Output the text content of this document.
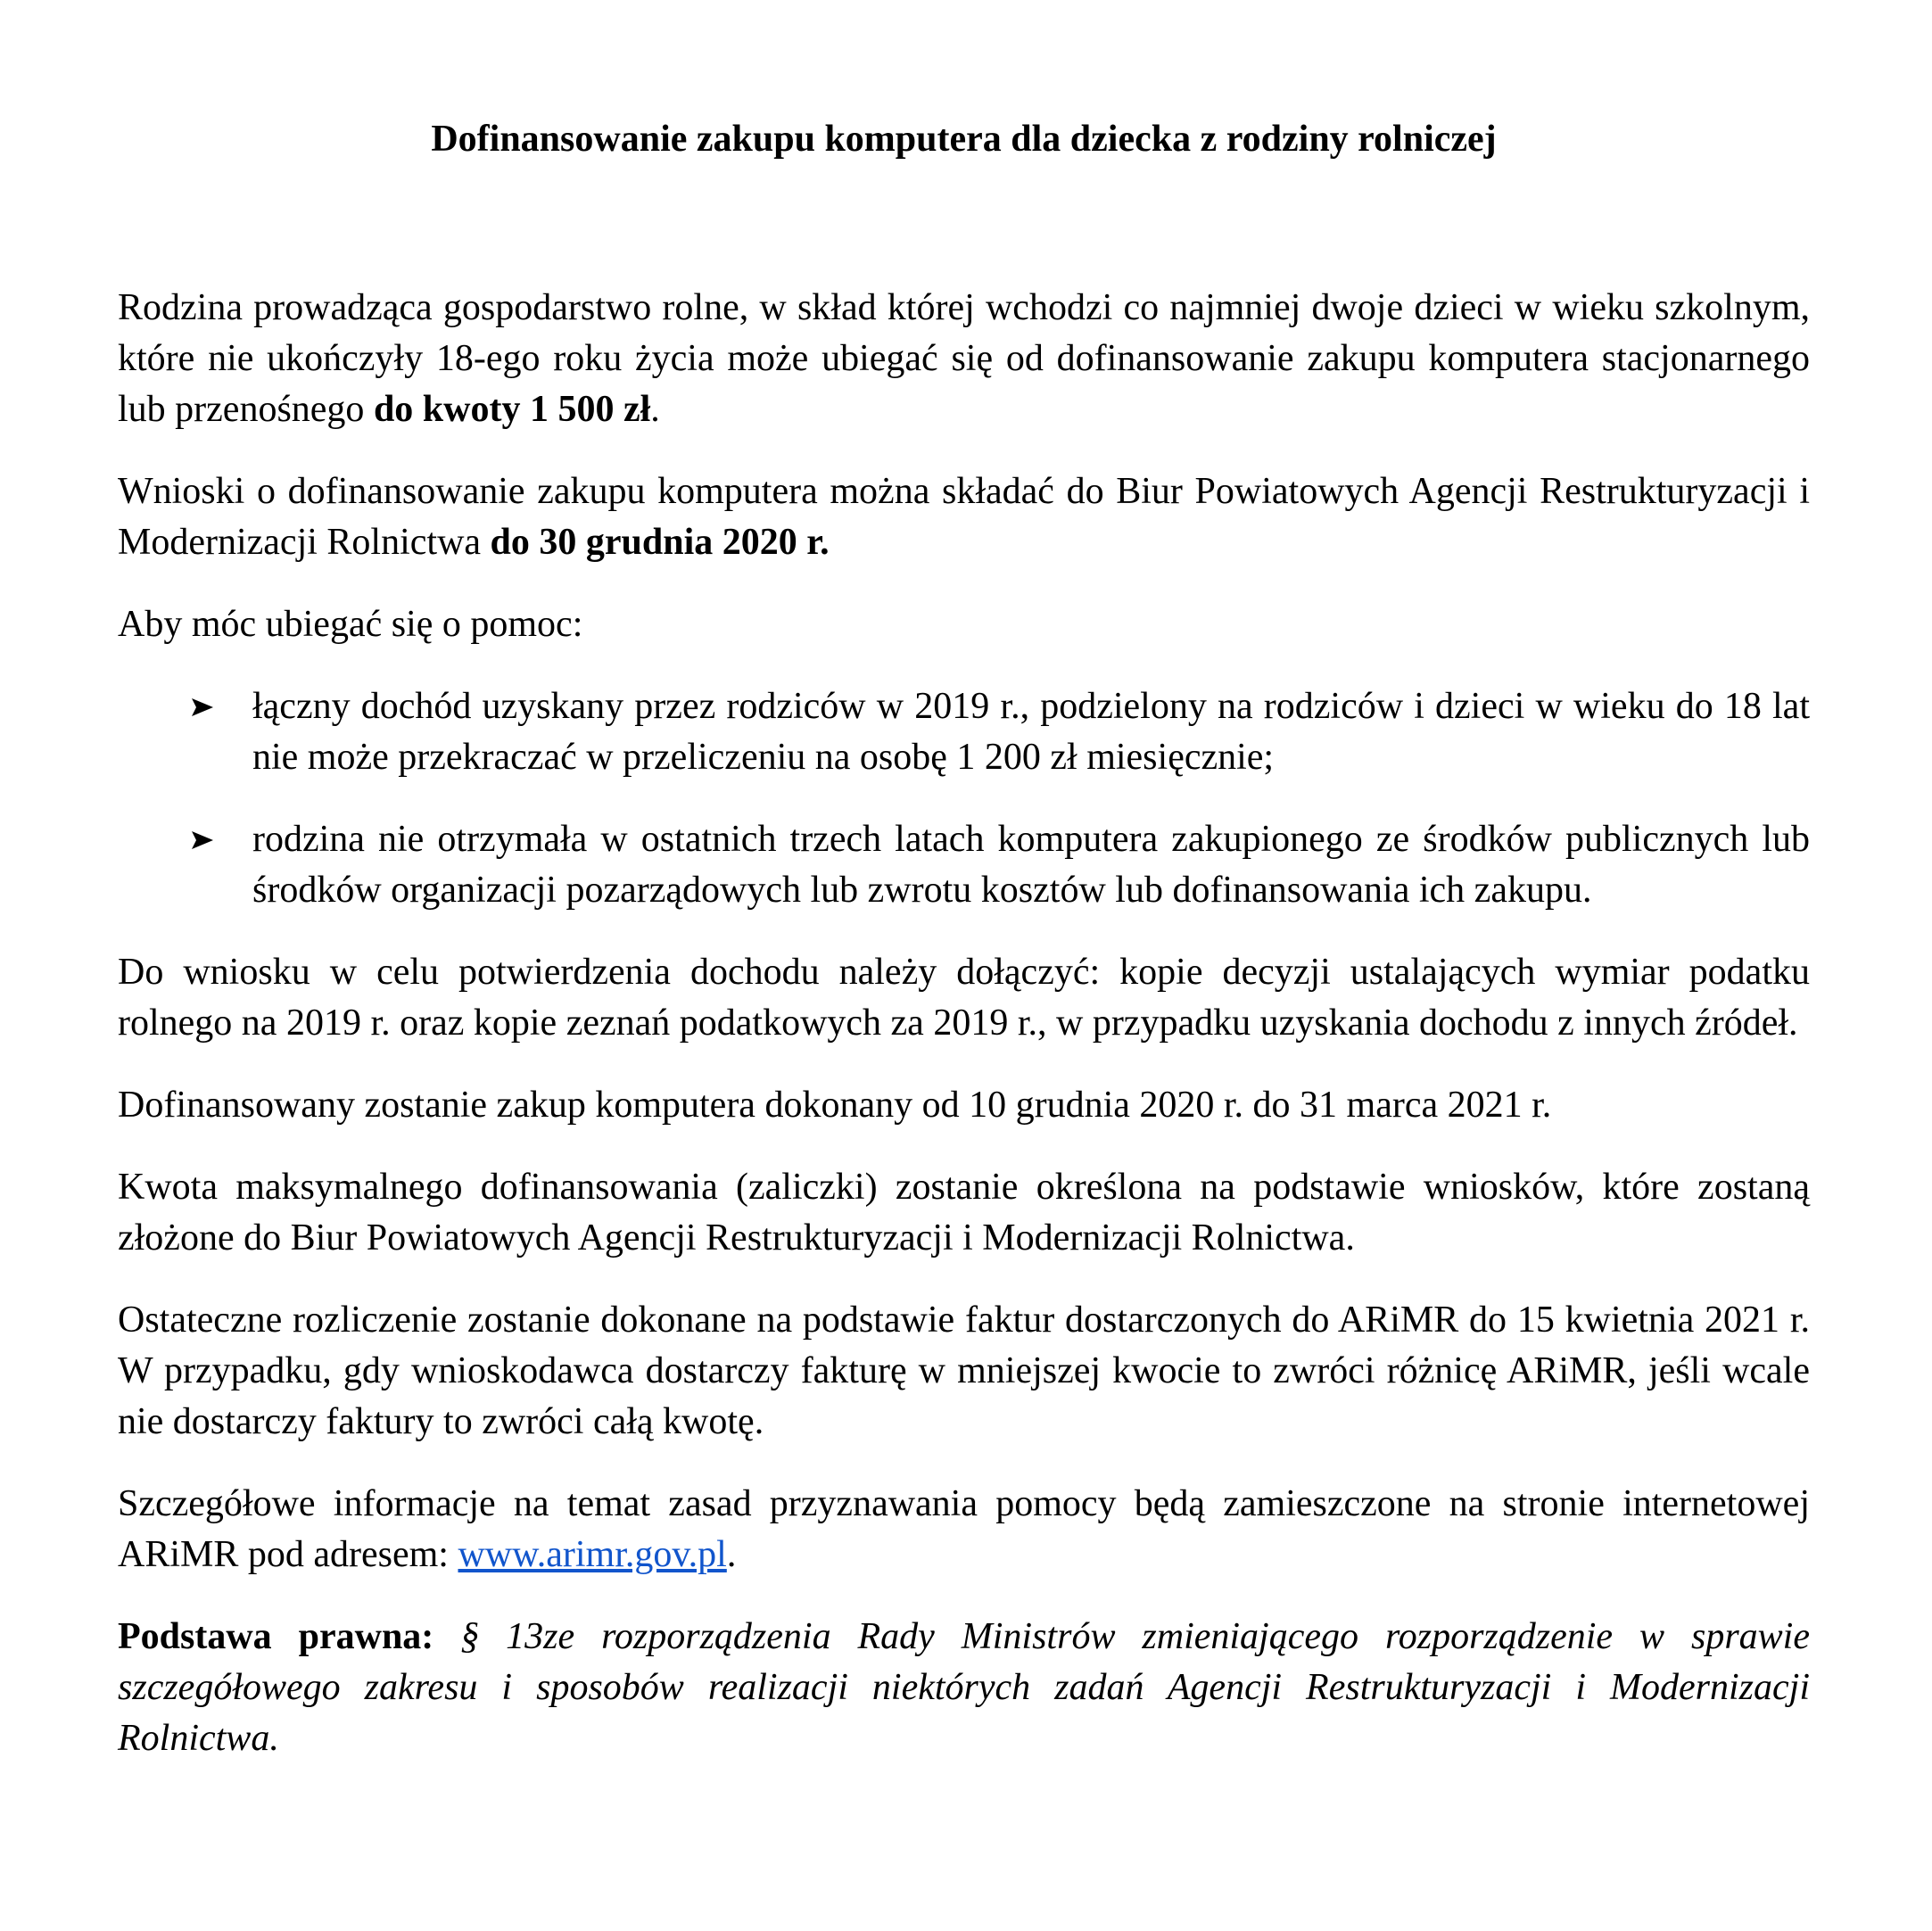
Dofinansowanie zakupu komputera dla dziecka z rodziny rolniczej

Rodzina prowadząca gospodarstwo rolne, w skład której wchodzi co najmniej dwoje dzieci w wieku szkolnym, które nie ukończyły 18-ego roku życia może ubiegać się od dofinansowanie zakupu komputera stacjonarnego lub przenośnego do kwoty 1 500 zł.

Wnioski o dofinansowanie zakupu komputera można składać do Biur Powiatowych Agencji Restrukturyzacji i Modernizacji Rolnictwa do 30 grudnia 2020 r.

Aby móc ubiegać się o pomoc:

łączny dochód uzyskany przez rodziców w 2019 r., podzielony na rodziców i dzieci w wieku do 18 lat nie może przekraczać w przeliczeniu na osobę 1 200 zł miesięcznie;
rodzina nie otrzymała w ostatnich trzech latach komputera zakupionego ze środków publicznych lub środków organizacji pozarządowych lub zwrotu kosztów lub dofinansowania ich zakupu.

Do wniosku w celu potwierdzenia dochodu należy dołączyć: kopie decyzji ustalających wymiar podatku rolnego na 2019 r. oraz kopie zeznań podatkowych za 2019 r., w przypadku uzyskania dochodu z innych źródeł.

Dofinansowany zostanie zakup komputera dokonany od 10 grudnia 2020 r. do 31 marca 2021 r.

Kwota maksymalnego dofinansowania (zaliczki) zostanie określona na podstawie wniosków, które zostaną złożone do Biur Powiatowych Agencji Restrukturyzacji i Modernizacji Rolnictwa.

Ostateczne rozliczenie zostanie dokonane na podstawie faktur dostarczonych do ARiMR do 15 kwietnia 2021 r. W przypadku, gdy wnioskodawca dostarczy fakturę w mniejszej kwocie to zwróci różnicę ARiMR, jeśli wcale nie dostarczy faktury to zwróci całą kwotę.

Szczegółowe informacje na temat zasad przyznawania pomocy będą zamieszczone na stronie internetowej ARiMR pod adresem: www.arimr.gov.pl.

Podstawa prawna: § 13ze rozporządzenia Rady Ministrów zmieniającego rozporządzenie w sprawie szczegółowego zakresu i sposobów realizacji niektórych zadań Agencji Restrukturyzacji i Modernizacji Rolnictwa.
